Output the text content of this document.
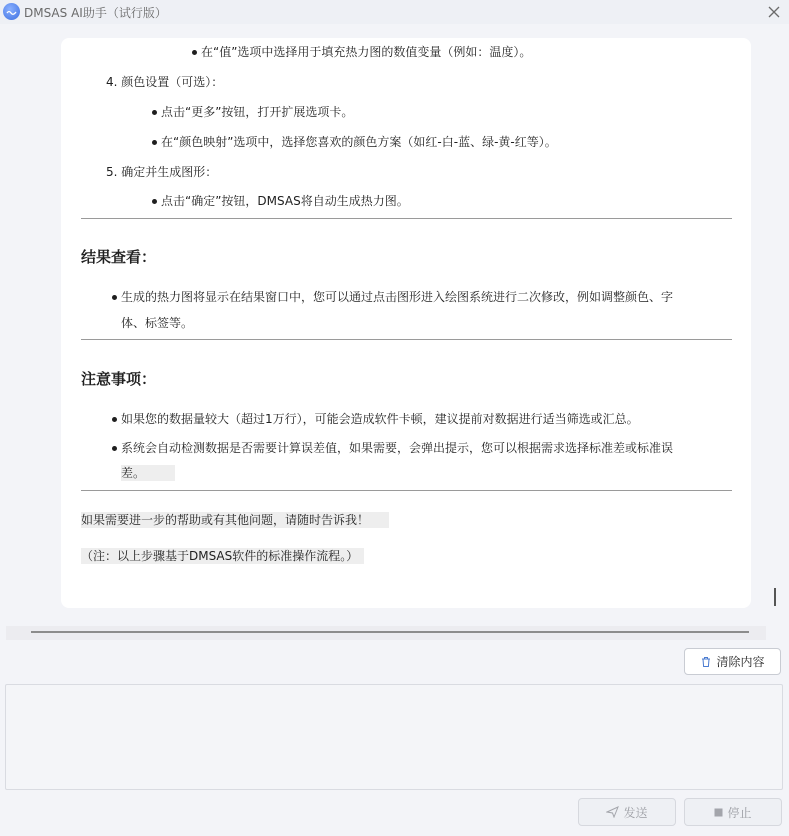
DMSAS AI助手（试行版）
在“值”选项中选择用于填充热力图的数值变量（例如：温度）。
4. 颜色设置（可选）：
点击“更多”按钮，打开扩展选项卡。
在“颜色映射”选项中，选择您喜欢的颜色方案（如红-白-蓝、绿-黄-红等）。
5. 确定并生成图形：
点击“确定”按钮，DMSAS将自动生成热力图。
结果查看：
生成的热力图将显示在结果窗口中，您可以通过点击图形进入绘图系统进行二次修改，例如调整颜色、字
体、标签等。
注意事项：
如果您的数据量较大（超过1万行），可能会造成软件卡顿，建议提前对数据进行适当筛选或汇总。
系统会自动检测数据是否需要计算误差值，如果需要，会弹出提示，您可以根据需求选择标准差或标准误
差。
如果需要进一步的帮助或有其他问题，请随时告诉我！
（注：以上步骤基于DMSAS软件的标准操作流程。）
清除内容
发送	停止
